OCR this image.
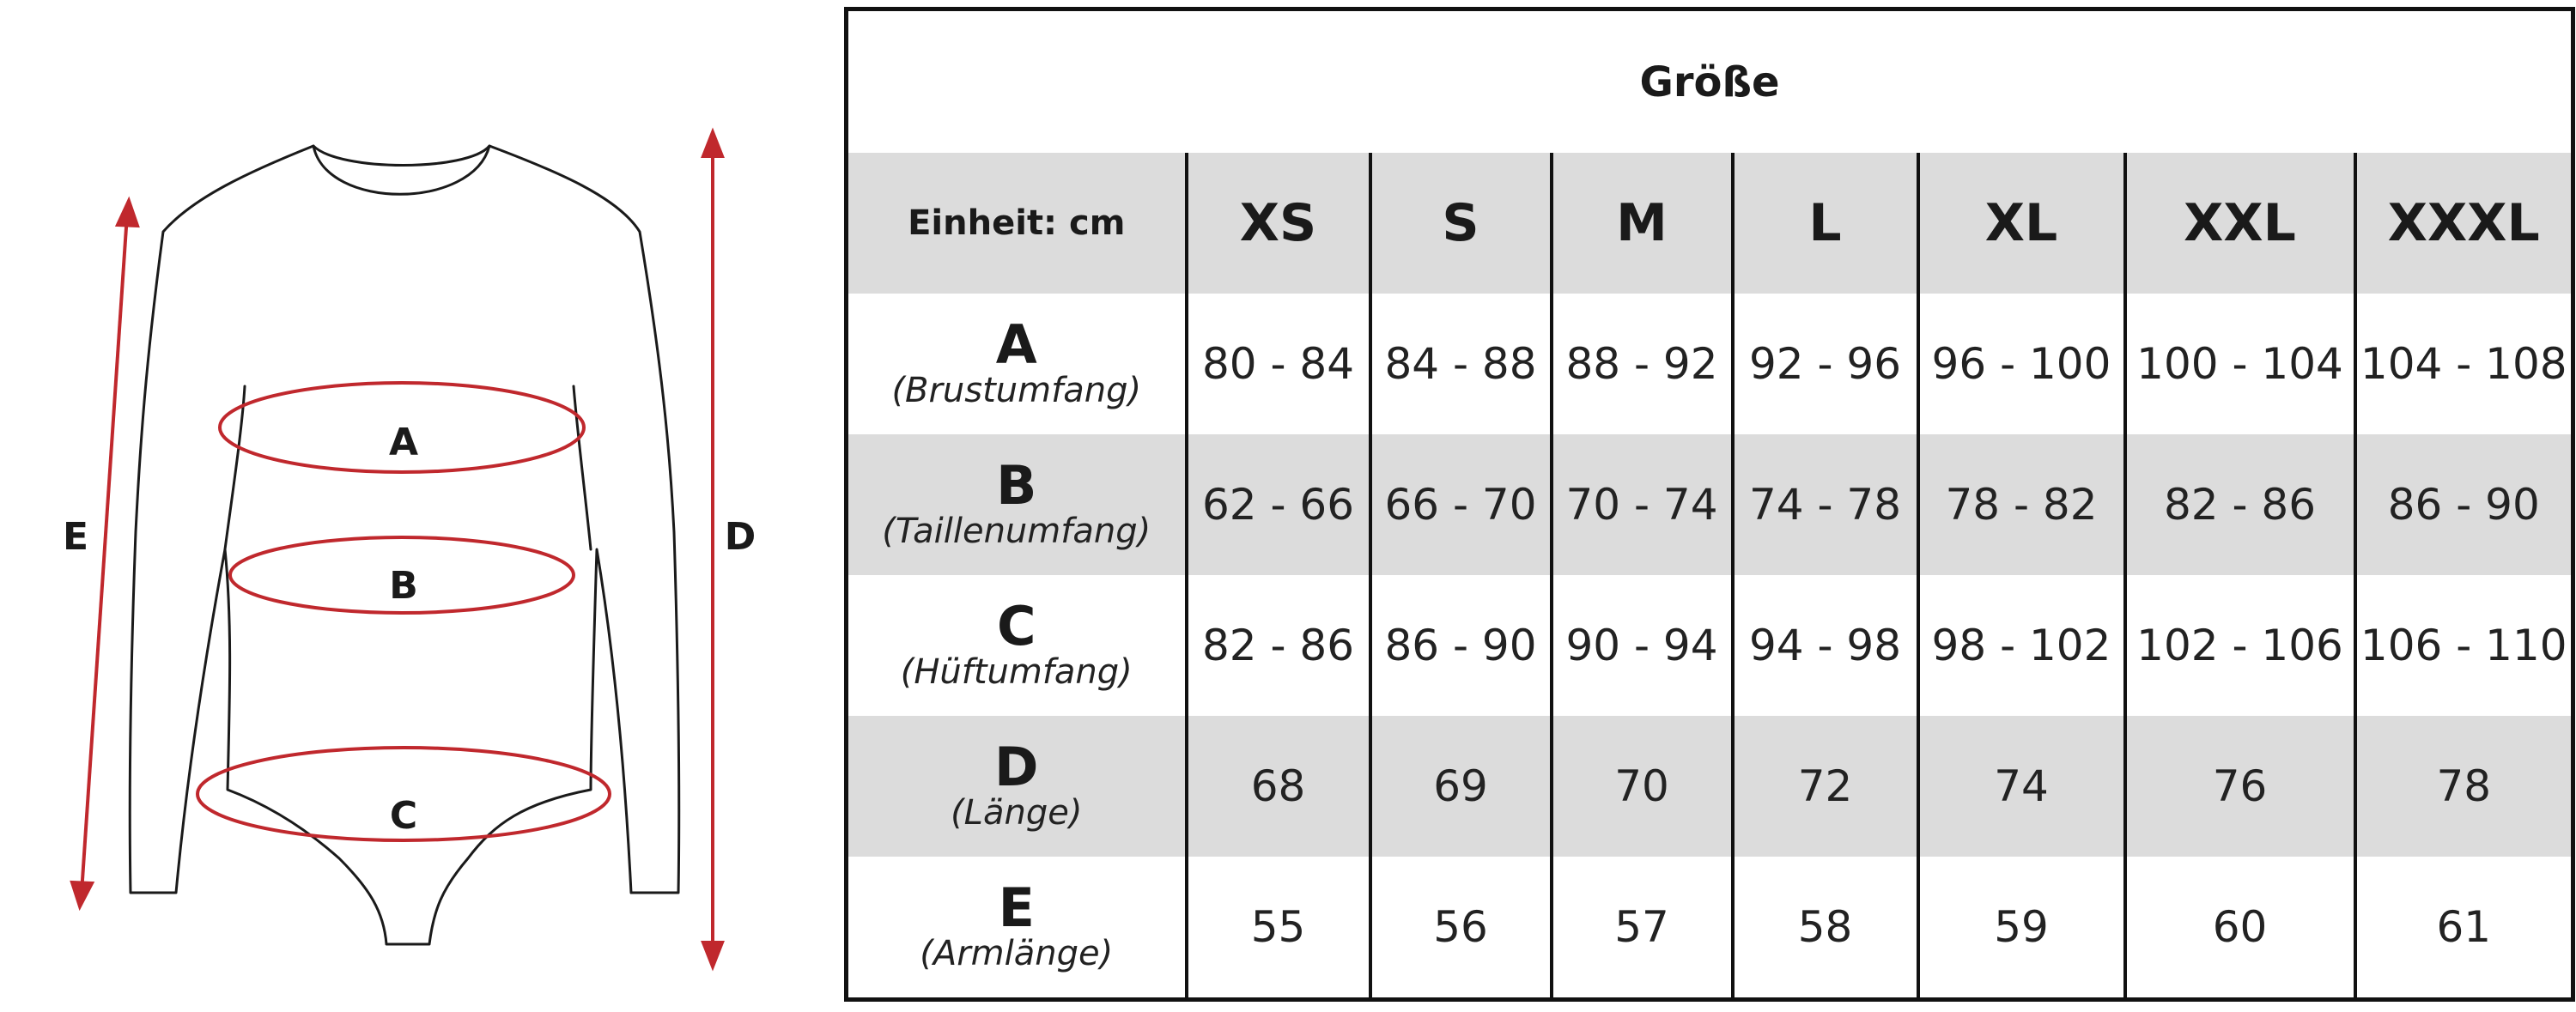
A
B
C
D
E
Größe							
Einheit: cm	XS	S	M	L	XL	XXL	XXXL

A
(Brustumfang)	80 - 84	84 - 88	88 - 92	92 - 96	96 - 100	100 - 104	104 - 108

B
(Taillenumfang)	62 - 66	66 - 70	70 - 74	74 - 78	78 - 82	82 - 86	86 - 90

C
(Hüftumfang)	82 - 86	86 - 90	90 - 94	94 - 98	98 - 102	102 - 106	106 - 110

D
(Länge)	68	69	70	72	74	76	78

E
(Armlänge)	55	56	57	58	59	60	61
